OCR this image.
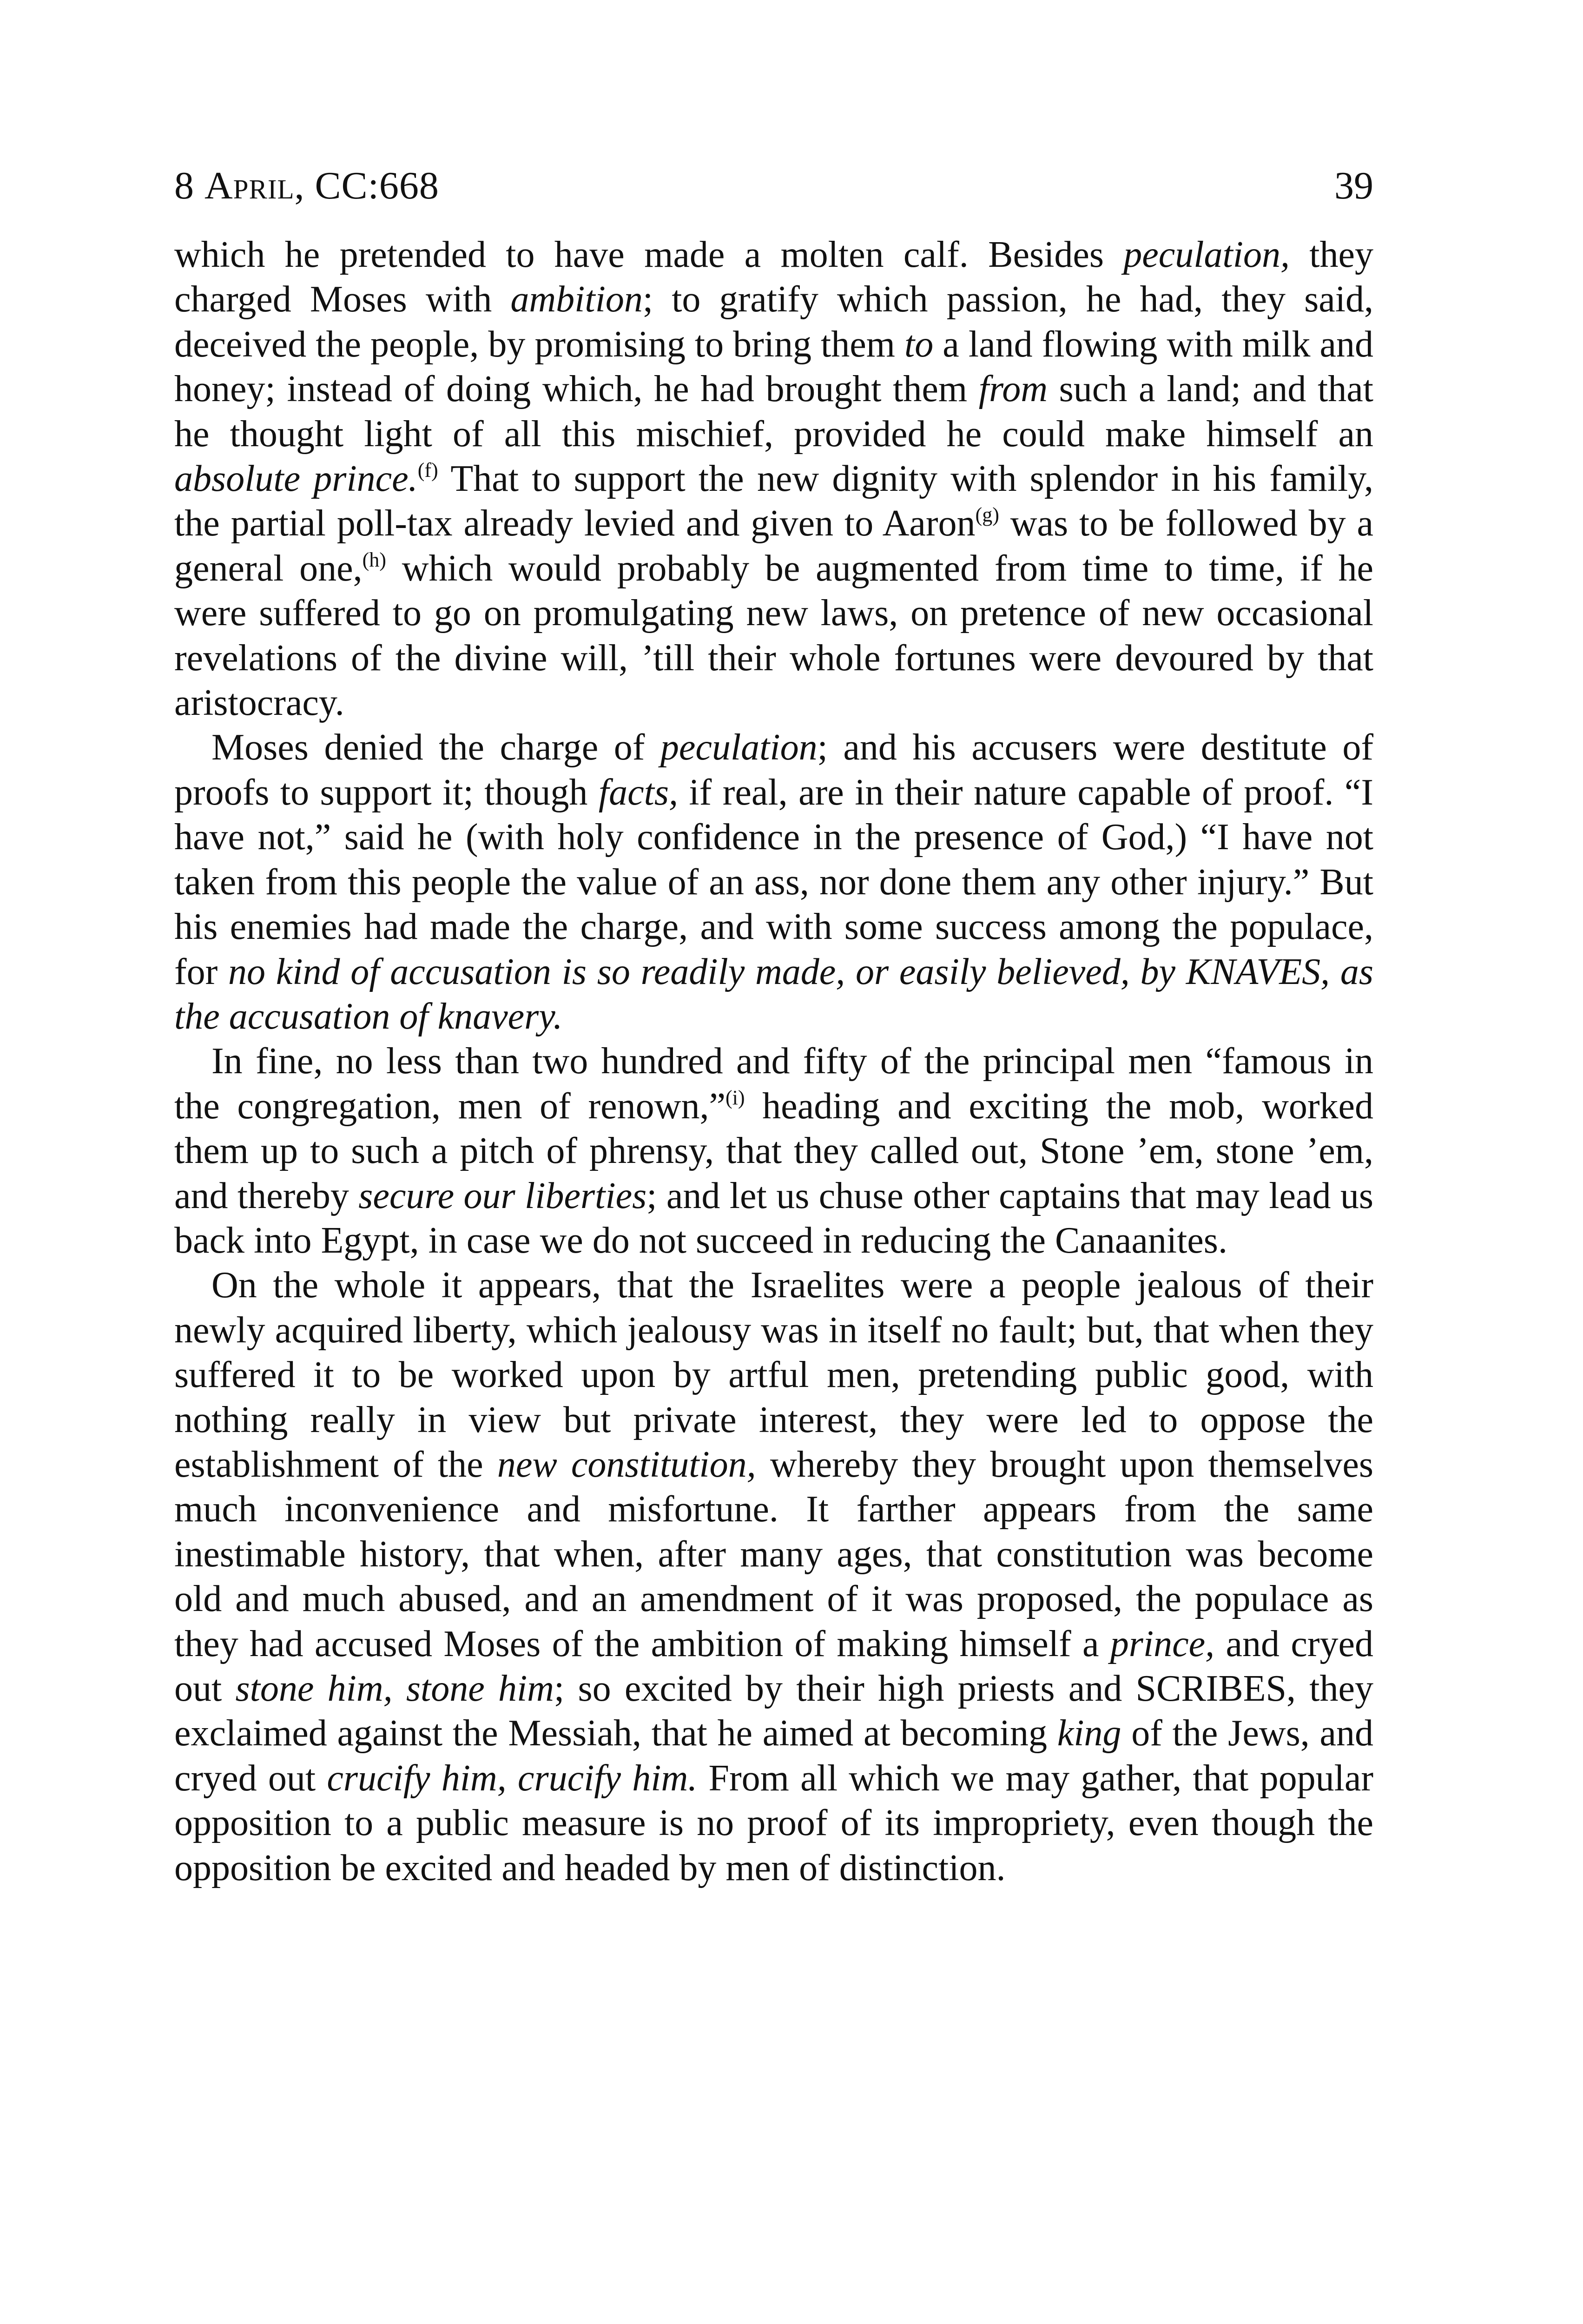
8 April, CC:668	39

which he pretended to have made a molten calf. Besides peculation, they charged Moses with ambition; to gratify which passion, he had, they said, deceived the people, by promising to bring them to a land flowing with milk and honey; instead of doing which, he had brought them from such a land; and that he thought light of all this mischief, provided he could make himself an absolute prince.$^{(f)}$ That to support the new dignity with splendor in his family, the partial poll-tax already levied and given to Aaron$^{(g)}$ was to be followed by a general one,$^{(h)}$ which would probably be augmented from time to time, if he were suffered to go on promulgating new laws, on pretence of new occasional revelations of the divine will, ’till their whole fortunes were devoured by that aristocracy.

Moses denied the charge of peculation; and his accusers were destitute of proofs to support it; though facts, if real, are in their nature capable of proof. “I have not,” said he (with holy confidence in the presence of God,) “I have not taken from this people the value of an ass, nor done them any other injury.” But his enemies had made the charge, and with some success among the populace, for no kind of accusation is so readily made, or easily believed, by KNAVES, as the accusation of knavery.

In fine, no less than two hundred and fifty of the principal men “famous in the congregation, men of renown,”$^{(i)}$ heading and exciting the mob, worked them up to such a pitch of phrensy, that they called out, Stone ’em, stone ’em, and thereby secure our liberties; and let us chuse other captains that may lead us back into Egypt, in case we do not succeed in reducing the Canaanites.

On the whole it appears, that the Israelites were a people jealous of their newly acquired liberty, which jealousy was in itself no fault; but, that when they suffered it to be worked upon by artful men, pretending public good, with nothing really in view but private interest, they were led to oppose the establishment of the new constitution, whereby they brought upon themselves much inconvenience and misfortune. It farther appears from the same inestimable history, that when, after many ages, that constitution was become old and much abused, and an amendment of it was proposed, the populace as they had accused Moses of the ambition of making himself a prince, and cryed out stone him, stone him; so excited by their high priests and SCRIBES, they exclaimed against the Messiah, that he aimed at becoming king of the Jews, and cryed out crucify him, crucify him. From all which we may gather, that popular opposition to a public measure is no proof of its impropriety, even though the opposition be excited and headed by men of distinction.
